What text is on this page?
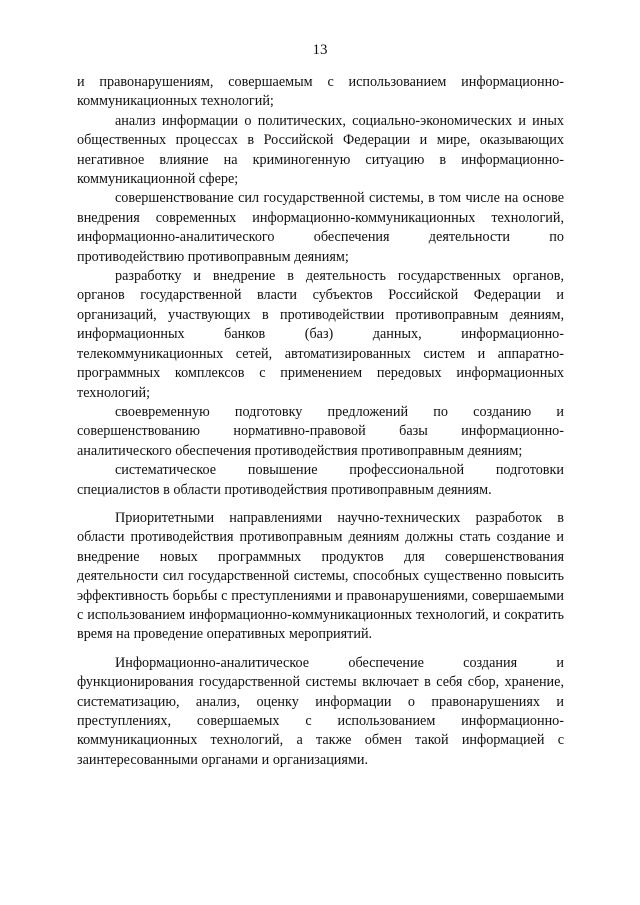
13

и правонарушениям, совершаемым с использованием информационно-коммуникационных технологий;

анализ информации о политических, социально-экономических и иных общественных процессах в Российской Федерации и мире, оказывающих негативное влияние на криминогенную ситуацию в информационно-коммуникационной сфере;

совершенствование сил государственной системы, в том числе на основе внедрения современных информационно-коммуникационных технологий, информационно-аналитического обеспечения деятельности по противодействию противоправным деяниям;

разработку и внедрение в деятельность государственных органов, органов государственной власти субъектов Российской Федерации и организаций, участвующих в противодействии противоправным деяниям, информационных банков (баз) данных, информационно-телекоммуникационных сетей, автоматизированных систем и аппаратно-программных комплексов с применением передовых информационных технологий;

своевременную подготовку предложений по созданию и совершенствованию нормативно-правовой базы информационно-аналитического обеспечения противодействия противоправным деяниям;

систематическое повышение профессиональной подготовки специалистов в области противодействия противоправным деяниям.

Приоритетными направлениями научно-технических разработок в области противодействия противоправным деяниям должны стать создание и внедрение новых программных продуктов для совершенствования деятельности сил государственной системы, способных существенно повысить эффективность борьбы с преступлениями и правонарушениями, совершаемыми с использованием информационно-коммуникационных технологий, и сократить время на проведение оперативных мероприятий.

Информационно-аналитическое обеспечение создания и функционирования государственной системы включает в себя сбор, хранение, систематизацию, анализ, оценку информации о правонарушениях и преступлениях, совершаемых с использованием информационно-коммуникационных технологий, а также обмен такой информацией с заинтересованными органами и организациями.
